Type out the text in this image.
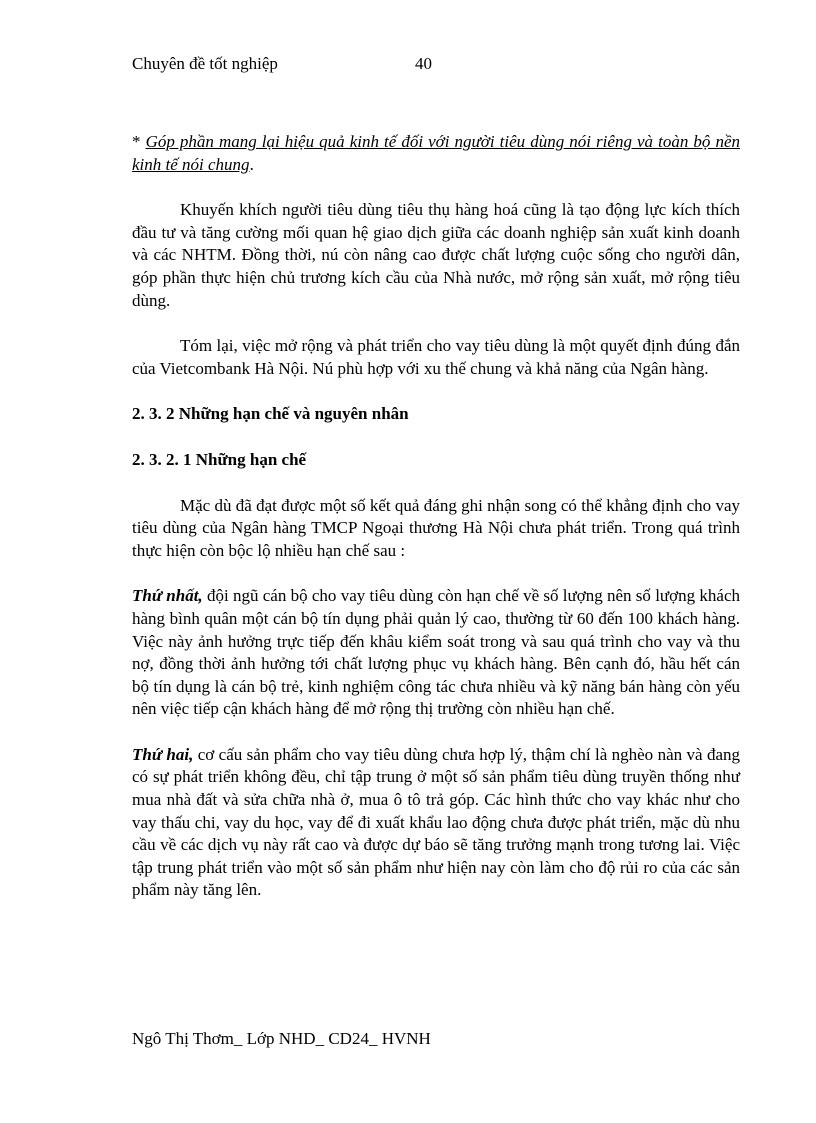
Chuyên đề tốt nghiệp	40

* Góp phần mang lại hiệu quả kinh tế đối với người tiêu dùng nói riêng và toàn bộ nền kinh tế nói chung.

Khuyến khích người tiêu dùng tiêu thụ hàng hoá cũng là tạo động lực kích thích đầu tư và tăng cường mối quan hệ giao dịch giữa các doanh nghiệp sản xuất kinh doanh và các NHTM. Đồng thời, nú còn nâng cao được chất lượng cuộc sống cho người dân, góp phần thực hiện chủ trương kích cầu của Nhà nước, mở rộng sản xuất, mở rộng tiêu dùng.

Tóm lại, việc mở rộng và phát triển cho vay tiêu dùng là một quyết định đúng đắn của Vietcombank Hà Nội. Nú phù hợp với xu thế chung và khả năng của Ngân hàng.

2. 3. 2 Những hạn chế và nguyên nhân
2. 3. 2. 1 Những hạn chế

Mặc dù đã đạt được một số kết quả đáng ghi nhận song có thể khẳng định cho vay tiêu dùng của Ngân hàng TMCP Ngoại thương Hà Nội chưa phát triển. Trong quá trình thực hiện còn bộc lộ nhiều hạn chế sau :

Thứ nhất, đội ngũ cán bộ cho vay tiêu dùng còn hạn chế về số lượng nên số lượng khách hàng bình quân một cán bộ tín dụng phải quản lý cao, thường từ 60 đến 100 khách hàng. Việc này ảnh hưởng trực tiếp đến khâu kiểm soát trong và sau quá trình cho vay và thu nợ, đồng thời ảnh hưởng tới chất lượng phục vụ khách hàng. Bên cạnh đó, hầu hết cán bộ tín dụng là cán bộ trẻ, kinh nghiệm công tác chưa nhiều và kỹ năng bán hàng còn yếu nên việc tiếp cận khách hàng để mở rộng thị trường còn nhiều hạn chế.

Thứ hai, cơ cấu sản phẩm cho vay tiêu dùng chưa hợp lý, thậm chí là nghèo nàn và đang có sự phát triển không đều, chỉ tập trung ở một số sản phẩm tiêu dùng truyền thống như mua nhà đất và sửa chữa nhà ở, mua ô tô trả góp. Các hình thức cho vay khác như cho vay thấu chi, vay du học, vay để đi xuất khẩu lao động chưa được phát triển, mặc dù nhu cầu về các dịch vụ này rất cao và được dự báo sẽ tăng trưởng mạnh trong tương lai. Việc tập trung phát triển vào một số sản phẩm như hiện nay còn làm cho độ rủi ro của các sản phẩm này tăng lên.

Ngô Thị Thơm_ Lớp NHD_ CD24_ HVNH
